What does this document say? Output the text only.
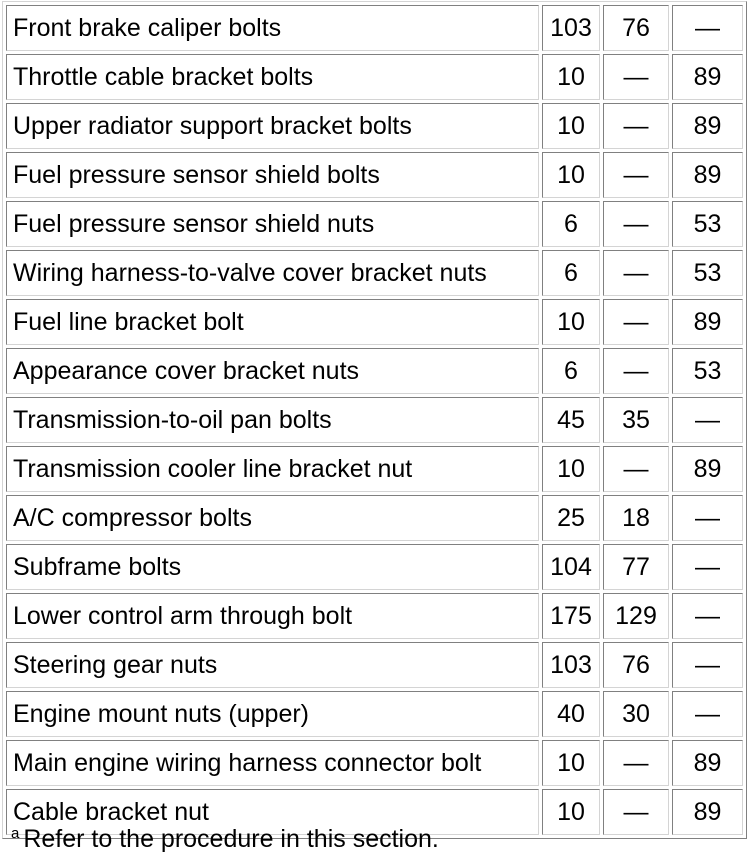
Front brake caliper bolts	103	76	—
Throttle cable bracket bolts	10	—	89
Upper radiator support bracket bolts	10	—	89
Fuel pressure sensor shield bolts	10	—	89
Fuel pressure sensor shield nuts	6	—	53
Wiring harness-to-valve cover bracket nuts	6	—	53
Fuel line bracket bolt	10	—	89
Appearance cover bracket nuts	6	—	53
Transmission-to-oil pan bolts	45	35	—
Transmission cooler line bracket nut	10	—	89
A/C compressor bolts	25	18	—
Subframe bolts	104	77	—
Lower control arm through bolt	175	129	—
Steering gear nuts	103	76	—
Engine mount nuts (upper)	40	30	—
Main engine wiring harness connector bolt	10	—	89
Cable bracket nut	10	—	89
$^a$ Refer to the procedure in this section.
